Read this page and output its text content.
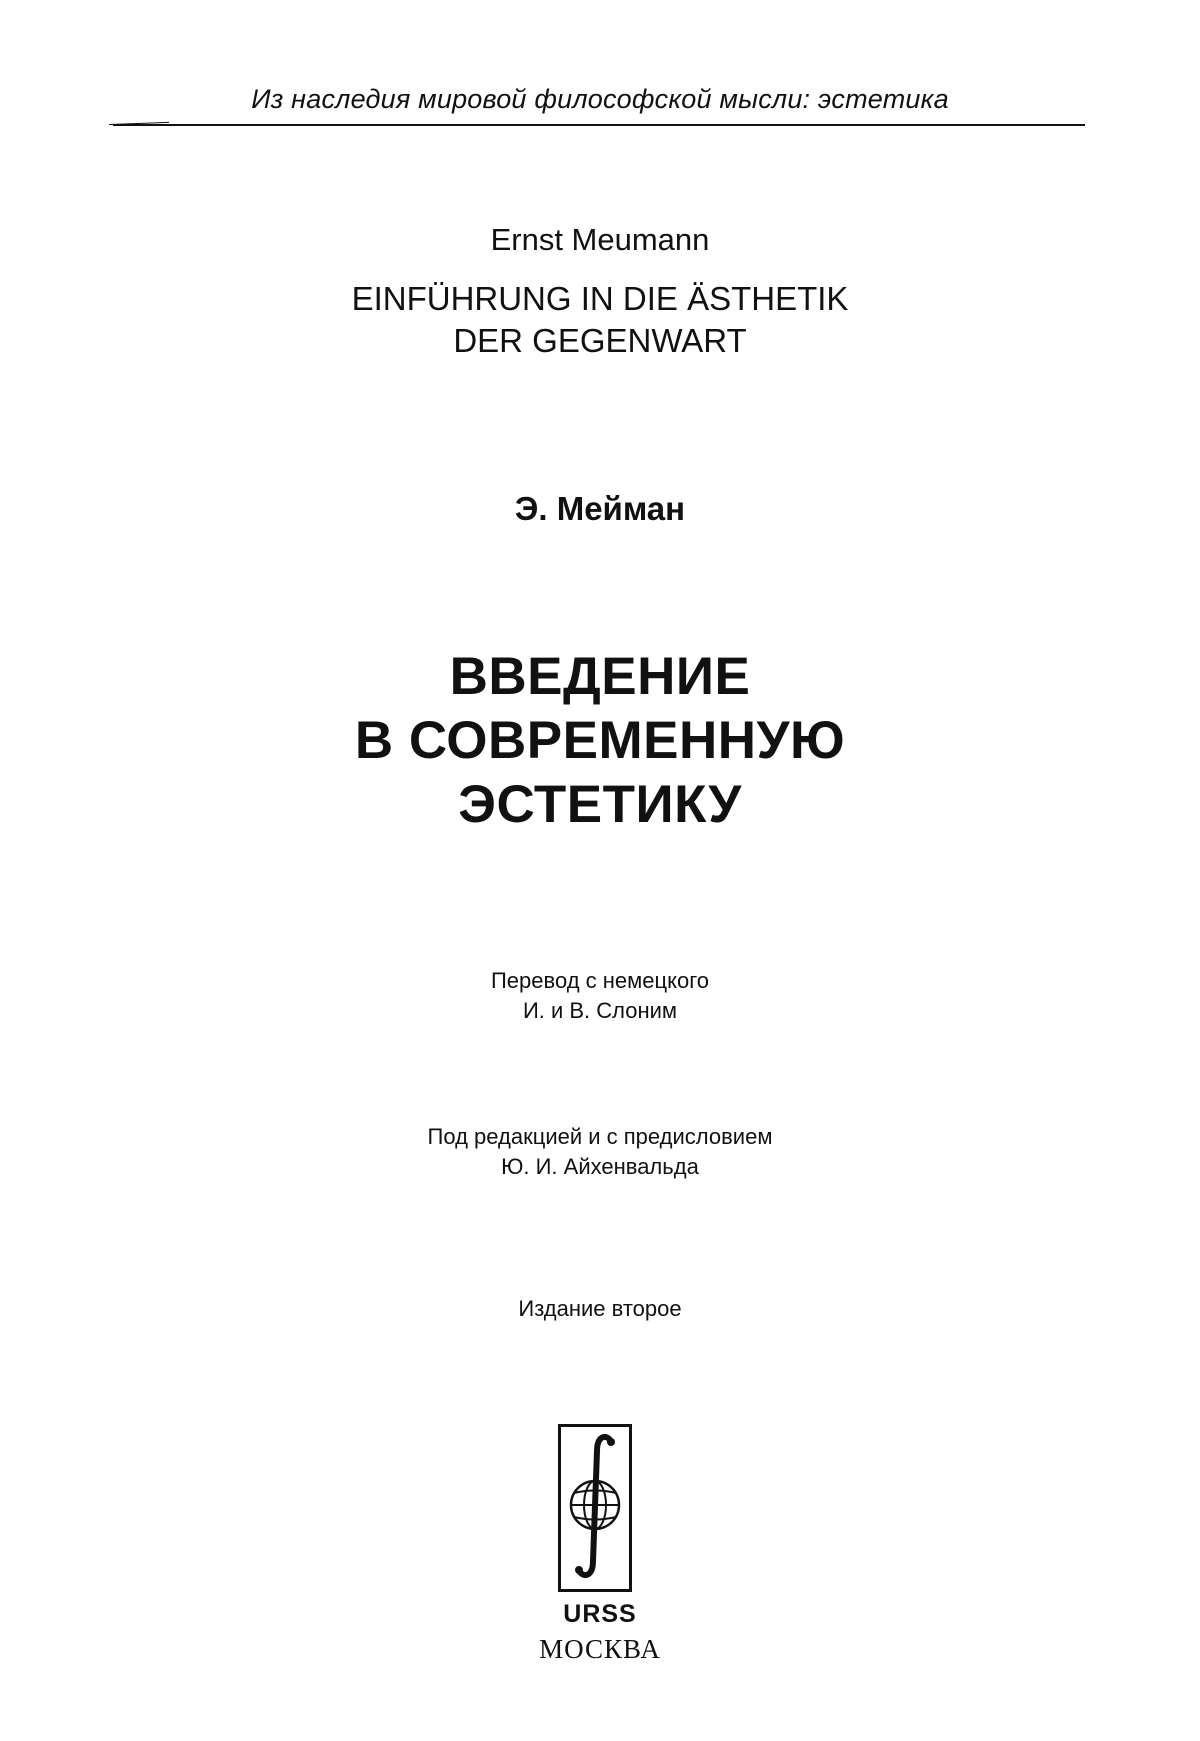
Из наследия мировой философской мысли: эстетика
Ernst Meumann
EINFÜHRUNG IN DIE ÄSTHETIK
DER GEGENWART
Э. Мейман
ВВЕДЕНИЕ
В СОВРЕМЕННУЮ
ЭСТЕТИКУ
Перевод с немецкого
И. и В. Слоним
Под редакцией и с предисловием
Ю. И. Айхенвальда
Издание второе
URSS
МОСКВА
